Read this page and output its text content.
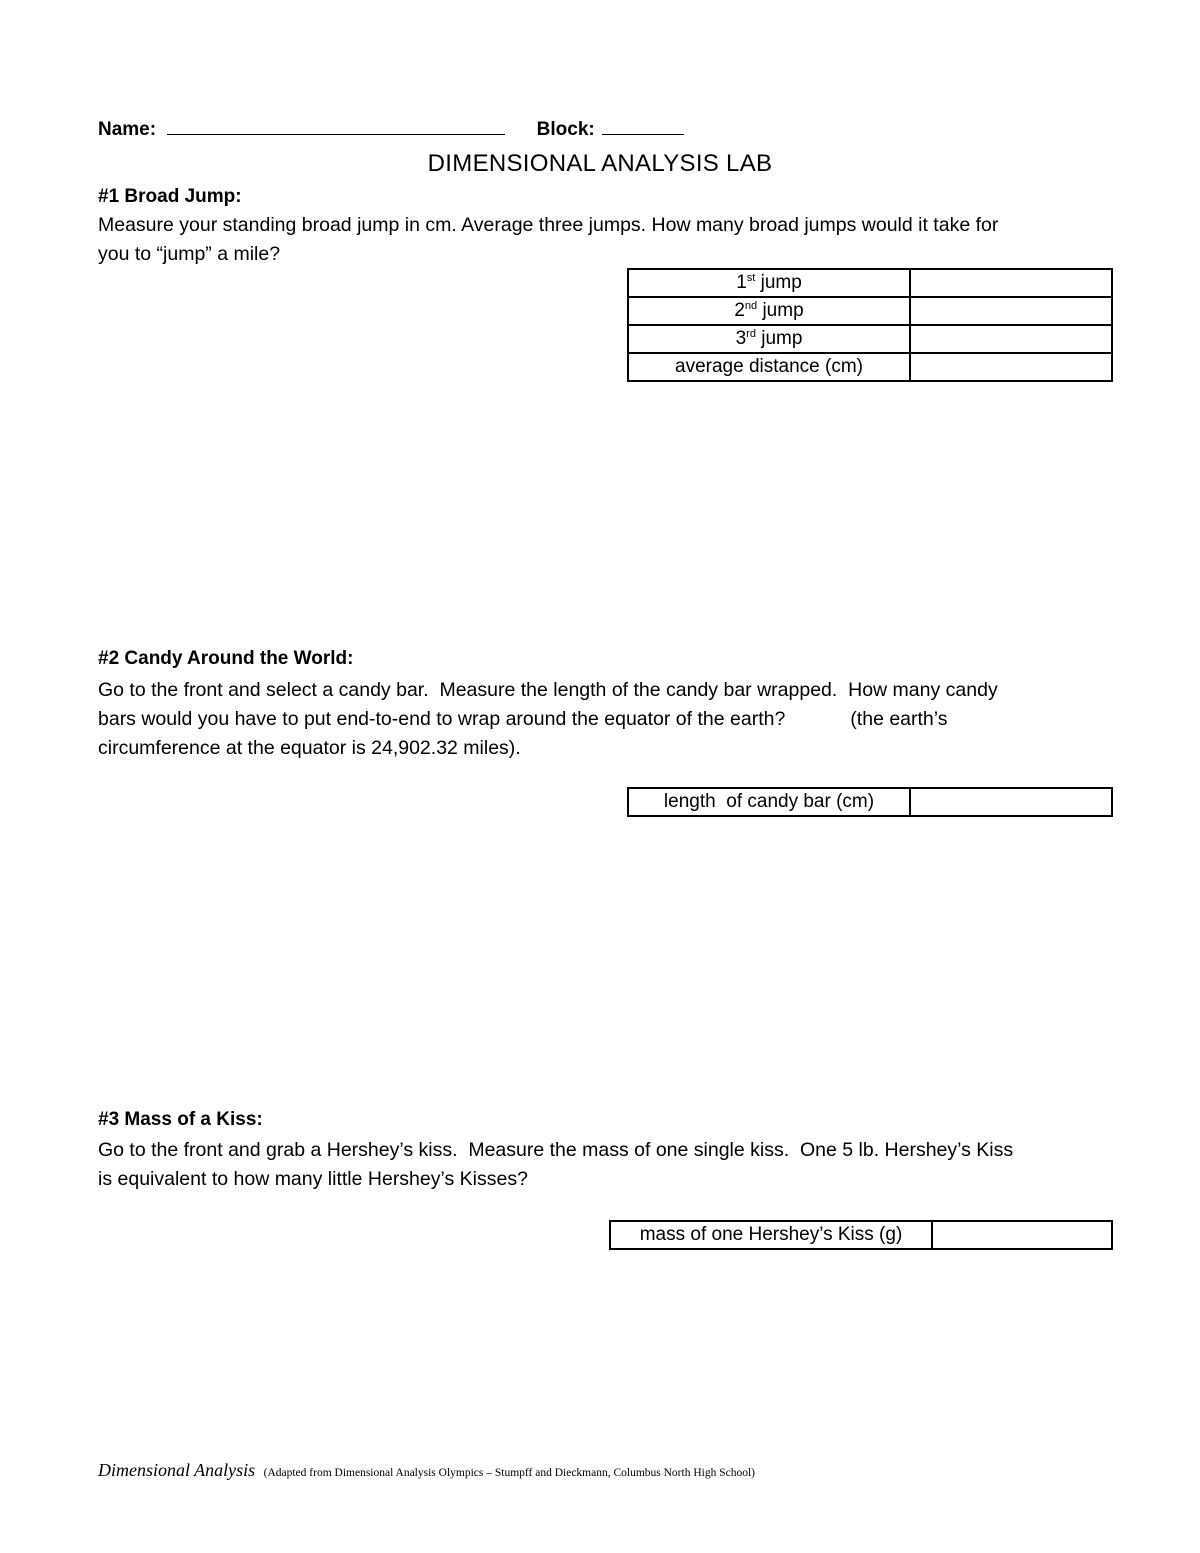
Name:	Block:
DIMENSIONAL ANALYSIS LAB
#1 Broad Jump:

Measure your standing broad jump in cm. Average three jumps. How many broad jumps would it take for

you to “jump” a mile?

1st jump	
2nd jump	
3rd jump	
average distance (cm)	
#2 Candy Around the World:

Go to the front and select a candy bar.  Measure the length of the candy bar wrapped.  How many candy

bars would you have to put end-to-end to wrap around the equator of the earth?            (the earth’s

circumference at the equator is 24,902.32 miles).

length  of candy bar (cm)	
#3 Mass of a Kiss:

Go to the front and grab a Hershey’s kiss.  Measure the mass of one single kiss.  One 5 lb. Hershey’s Kiss

is equivalent to how many little Hershey’s Kisses?

mass of one Hershey’s Kiss (g)	
Dimensional Analysis (Adapted from Dimensional Analysis Olympics – Stumpff and Dieckmann, Columbus North High School)
